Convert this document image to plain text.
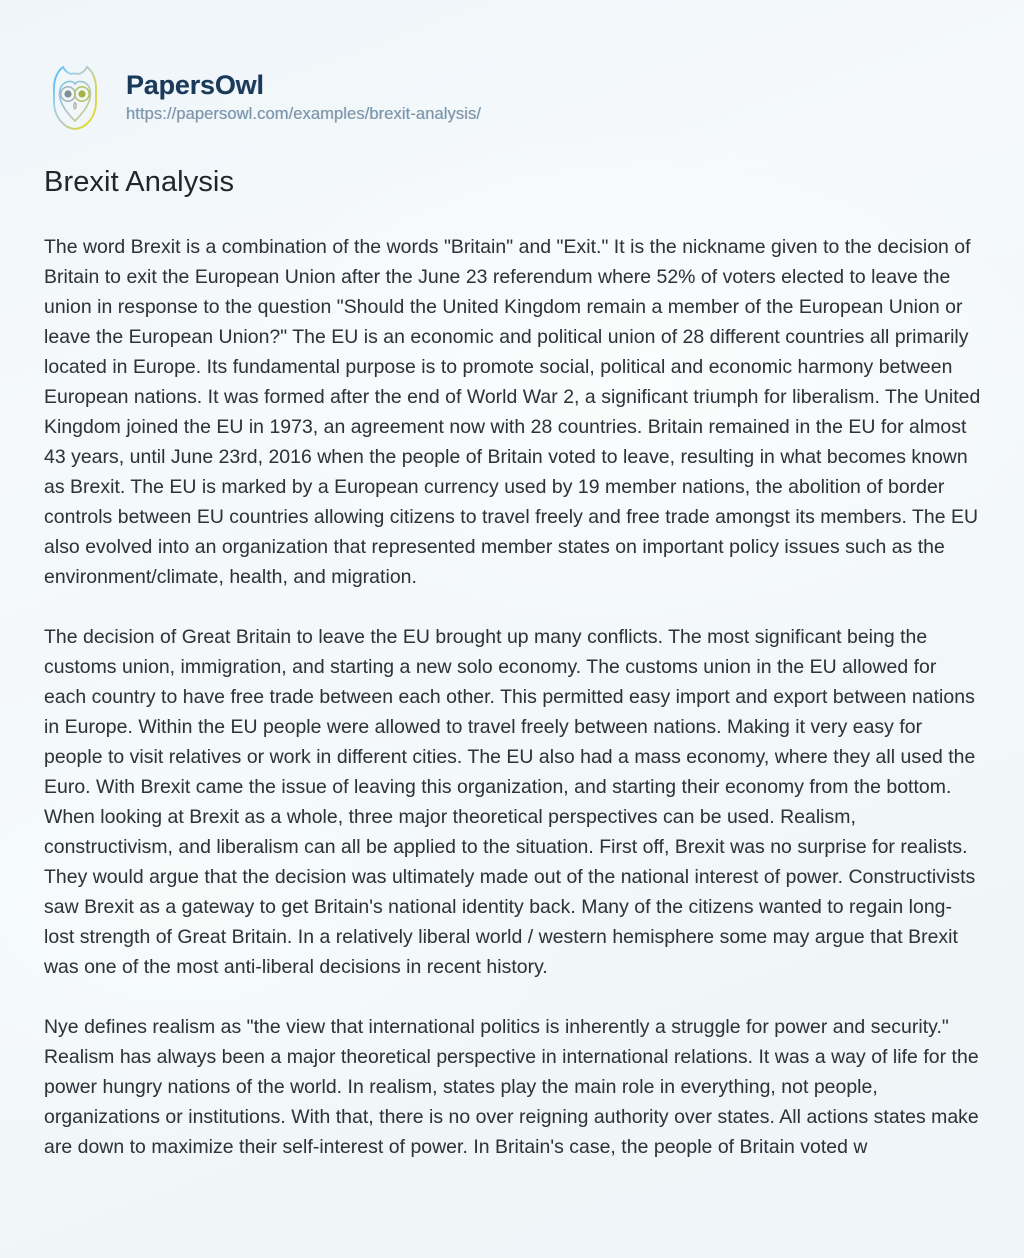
PapersOwl
https://papersowl.com/examples/brexit-analysis/
Brexit Analysis

The word Brexit is a combination of the words "Britain" and "Exit." It is the nickname given to the decision of Britain to exit the European Union after the June 23 referendum where 52% of voters elected to leave the union in response to the question "Should the United Kingdom remain a member of the European Union or leave the European Union?" The EU is an economic and political union of 28 different countries all primarily located in Europe. Its fundamental purpose is to promote social, political and economic harmony between European nations. It was formed after the end of World War 2, a significant triumph for liberalism. The United Kingdom joined the EU in 1973, an agreement now with 28 countries. Britain remained in the EU for almost 43 years, until June 23rd, 2016 when the people of Britain voted to leave, resulting in what becomes known as Brexit. The EU is marked by a European currency used by 19 member nations, the abolition of border controls between EU countries allowing citizens to travel freely and free trade amongst its members. The EU also evolved into an organization that represented member states on important policy issues such as the environment/climate, health, and migration.

The decision of Great Britain to leave the EU brought up many conflicts. The most significant being the customs union, immigration, and starting a new solo economy. The customs union in the EU allowed for each country to have free trade between each other. This permitted easy import and export between nations in Europe. Within the EU people were allowed to travel freely between nations. Making it very easy for people to visit relatives or work in different cities. The EU also had a mass economy, where they all used the Euro. With Brexit came the issue of leaving this organization, and starting their economy from the bottom. When looking at Brexit as a whole, three major theoretical perspectives can be used. Realism, constructivism, and liberalism can all be applied to the situation. First off, Brexit was no surprise for realists. They would argue that the decision was ultimately made out of the national interest of power. Constructivists saw Brexit as a gateway to get Britain's national identity back. Many of the citizens wanted to regain long-lost strength of Great Britain. In a relatively liberal world / western hemisphere some may argue that Brexit was one of the most anti-liberal decisions in recent history.

Nye defines realism as "the view that international politics is inherently a struggle for power and security." Realism has always been a major theoretical perspective in international relations. It was a way of life for the power hungry nations of the world. In realism, states play the main role in everything, not people, organizations or institutions. With that, there is no over reigning authority over states. All actions states make are down to maximize their self-interest of power. In Britain's case, the people of Britain voted w
